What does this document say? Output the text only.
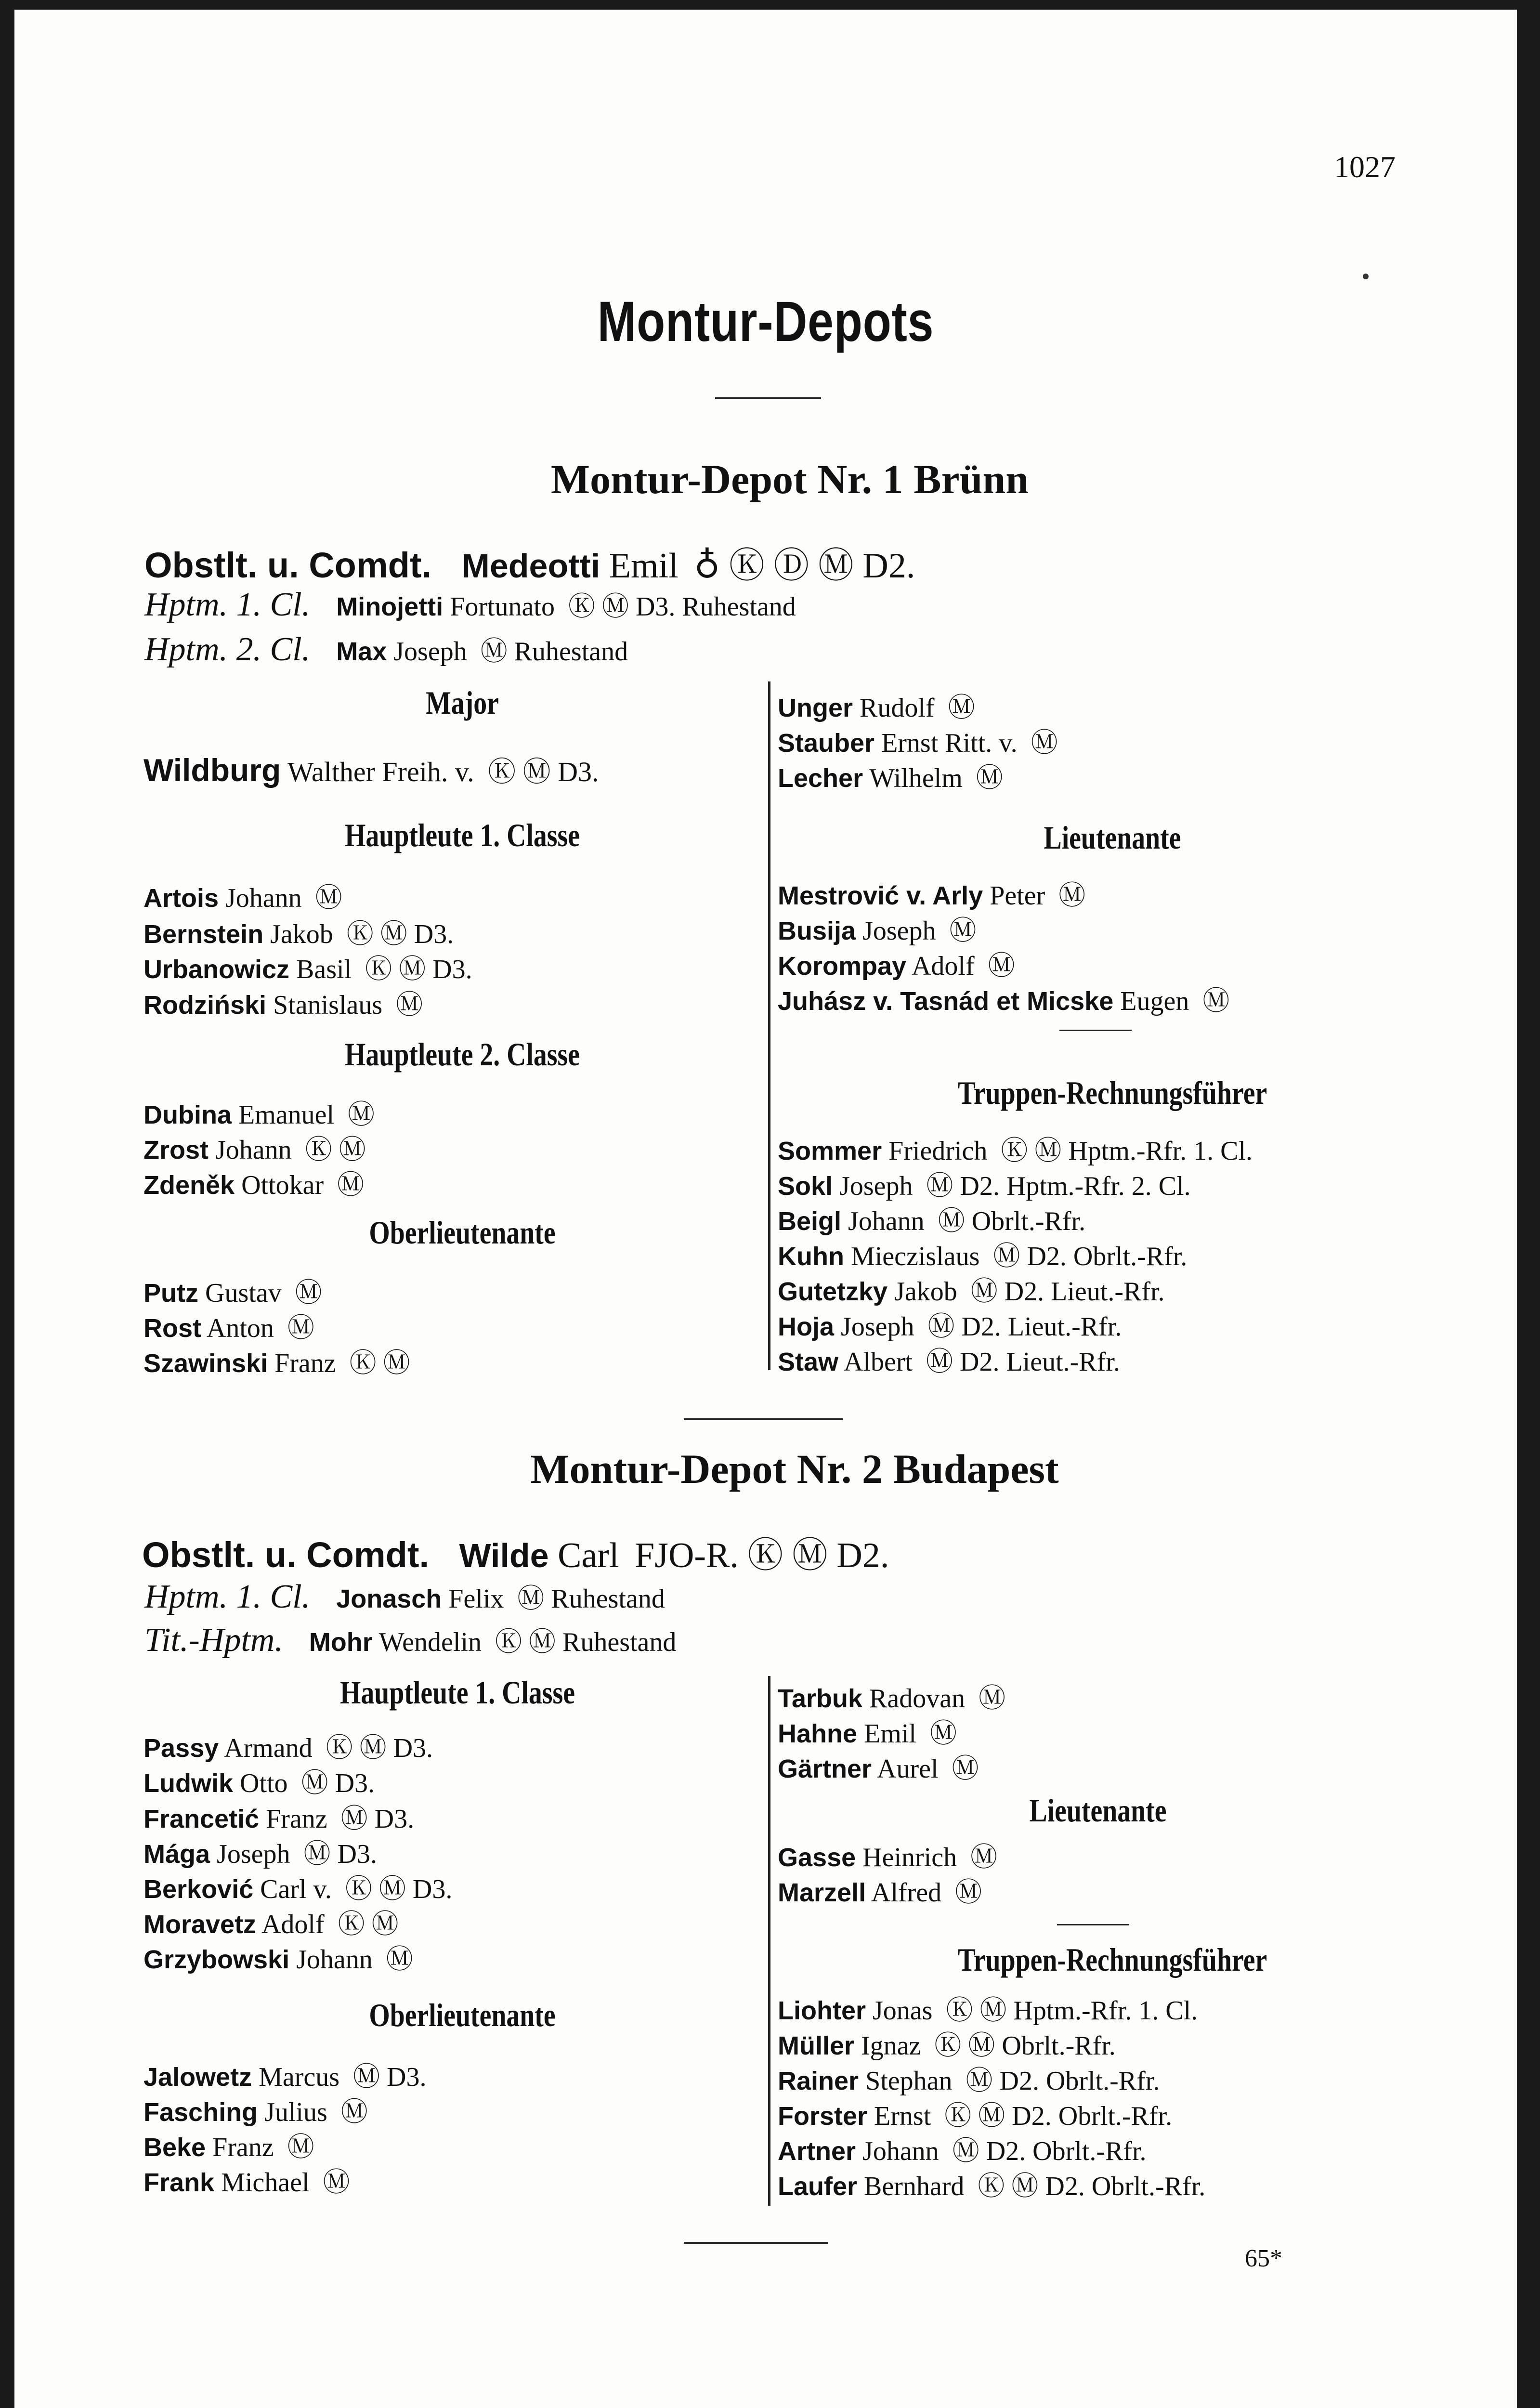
1027
Montur-Depots
Montur-Depot Nr. 1 Brünn
Obstlt. u. Comdt. Medeotti Emil ♁ Ⓚ Ⓓ Ⓜ D2.
Hptm. 1. Cl. Minojetti Fortunato Ⓚ Ⓜ D3. Ruhestand
Hptm. 2. Cl. Max Joseph Ⓜ Ruhestand
Major
Wildburg Walther Freih. v. Ⓚ Ⓜ D3.
Hauptleute 1. Classe
Artois Johann Ⓜ
Bernstein Jakob Ⓚ Ⓜ D3.
Urbanowicz Basil Ⓚ Ⓜ D3.
Rodziński Stanislaus Ⓜ
Hauptleute 2. Classe
Dubina Emanuel Ⓜ
Zrost Johann Ⓚ Ⓜ
Zdeněk Ottokar Ⓜ
Oberlieutenante
Putz Gustav Ⓜ
Rost Anton Ⓜ
Szawinski Franz Ⓚ Ⓜ
Unger Rudolf Ⓜ
Stauber Ernst Ritt. v. Ⓜ
Lecher Wilhelm Ⓜ
Lieutenante
Mestrović v. Arly Peter Ⓜ
Busija Joseph Ⓜ
Korompay Adolf Ⓜ
Juhász v. Tasnád et Micske Eugen Ⓜ
Truppen-Rechnungsführer
Sommer Friedrich Ⓚ Ⓜ Hptm.-Rfr. 1. Cl.
Sokl Joseph Ⓜ D2. Hptm.-Rfr. 2. Cl.
Beigl Johann Ⓜ Obrlt.-Rfr.
Kuhn Mieczislaus Ⓜ D2. Obrlt.-Rfr.
Gutetzky Jakob Ⓜ D2. Lieut.-Rfr.
Hoja Joseph Ⓜ D2. Lieut.-Rfr.
Staw Albert Ⓜ D2. Lieut.-Rfr.
Montur-Depot Nr. 2 Budapest
Obstlt. u. Comdt. Wilde Carl FJO-R. Ⓚ Ⓜ D2.
Hptm. 1. Cl. Jonasch Felix Ⓜ Ruhestand
Tit.-Hptm. Mohr Wendelin Ⓚ Ⓜ Ruhestand
Hauptleute 1. Classe
Passy Armand Ⓚ Ⓜ D3.
Ludwik Otto Ⓜ D3.
Francetić Franz Ⓜ D3.
Mága Joseph Ⓜ D3.
Berković Carl v. Ⓚ Ⓜ D3.
Moravetz Adolf Ⓚ Ⓜ
Grzybowski Johann Ⓜ
Oberlieutenante
Jalowetz Marcus Ⓜ D3.
Fasching Julius Ⓜ
Beke Franz Ⓜ
Frank Michael Ⓜ
Tarbuk Radovan Ⓜ
Hahne Emil Ⓜ
Gärtner Aurel Ⓜ
Lieutenante
Gasse Heinrich Ⓜ
Marzell Alfred Ⓜ
Truppen-Rechnungsführer
Liohter Jonas Ⓚ Ⓜ Hptm.-Rfr. 1. Cl.
Müller Ignaz Ⓚ Ⓜ Obrlt.-Rfr.
Rainer Stephan Ⓜ D2. Obrlt.-Rfr.
Forster Ernst Ⓚ Ⓜ D2. Obrlt.-Rfr.
Artner Johann Ⓜ D2. Obrlt.-Rfr.
Laufer Bernhard Ⓚ Ⓜ D2. Obrlt.-Rfr.
65*
